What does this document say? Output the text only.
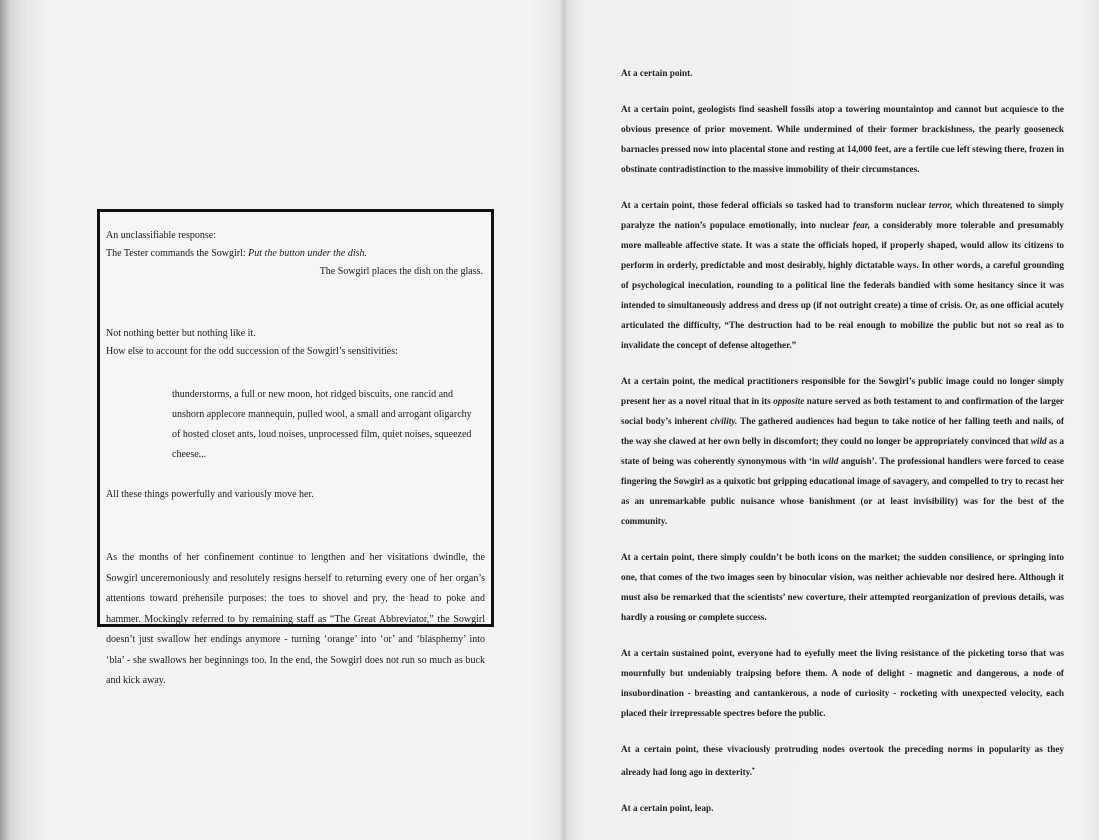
An unclassifiable response:

The Tester commands the Sowgirl: Put the button under the dish.

The Sowgirl places the dish on the glass.

Not nothing better but nothing like it.

How else to account for the odd succession of the Sowgirl’s sensitivities:

thunderstorms, a full or new moon, hot ridged biscuits, one rancid and unshorn applecore mannequin, pulled wool, a small and arrogant oligarchy of hosted closet ants, loud noises, unprocessed film, quiet noises, squeezed cheese...

All these things powerfully and variously move her.

As the months of her confinement continue to lengthen and her visitations dwindle, the Sowgirl unceremoniously and resolutely resigns herself to returning every one of her organ’s attentions toward prehensile purposes: the toes to shovel and pry, the head to poke and hammer. Mockingly referred to by remaining staff as “The Great Abbreviator,” the Sowgirl doesn’t just swallow her endings anymore - turning ‘orange’ into ‘or’ and ‘blasphemy’ into ‘bla’ - she swallows her beginnings too. In the end, the Sowgirl does not run so much as buck and kick away.

At a certain point.

At a certain point, geologists find seashell fossils atop a towering mountaintop and cannot but acquiesce to the obvious presence of prior movement. While undermined of their former brackishness, the pearly gooseneck barnacles pressed now into placental stone and resting at 14,000 feet, are a fertile cue left stewing there, frozen in obstinate contradistinction to the massive immobility of their circumstances.

At a certain point, those federal officials so tasked had to transform nuclear terror, which threatened to simply paralyze the nation’s populace emotionally, into nuclear fear, a considerably more tolerable and presumably more malleable affective state. It was a state the officials hoped, if properly shaped, would allow its citizens to perform in orderly, predictable and most desirably, highly dictatable ways. In other words, a careful grounding of psychological ineculation, rounding to a political line the federals bandied with some hesitancy since it was intended to simultaneously address and dress up (if not outright create) a time of crisis. Or, as one official acutely articulated the difficulty, “The destruction had to be real enough to mobilize the public but not so real as to invalidate the concept of defense altogether.”

At a certain point, the medical practitioners responsible for the Sowgirl’s public image could no longer simply present her as a novel ritual that in its opposite nature served as both testament to and confirmation of the larger social body’s inherent civility. The gathered audiences had begun to take notice of her falling teeth and nails, of the way she clawed at her own belly in discomfort; they could no longer be appropriately convinced that wild as a state of being was coherently synonymous with ‘in wild anguish’. The professional handlers were forced to cease fingering the Sowgirl as a quixotic but gripping educational image of savagery, and compelled to try to recast her as an unremarkable public nuisance whose banishment (or at least invisibility) was for the best of the community.

At a certain point, there simply couldn’t be both icons on the market; the sudden consilience, or springing into one, that comes of the two images seen by binocular vision, was neither achievable nor desired here. Although it must also be remarked that the scientists’ new coverture, their attempted reorganization of previous details, was hardly a rousing or complete success.

At a certain sustained point, everyone had to eyefully meet the living resistance of the picketing torso that was mournfully but undeniably traipsing before them. A node of delight - magnetic and dangerous, a node of insubordination - breasting and cantankerous, a node of curiosity - rocketing with unexpected velocity, each placed their irrepressable spectres before the public.

At a certain point, these vivaciously protruding nodes overtook the preceding norms in popularity as they already had long ago in dexterity.•

At a certain point, leap.
